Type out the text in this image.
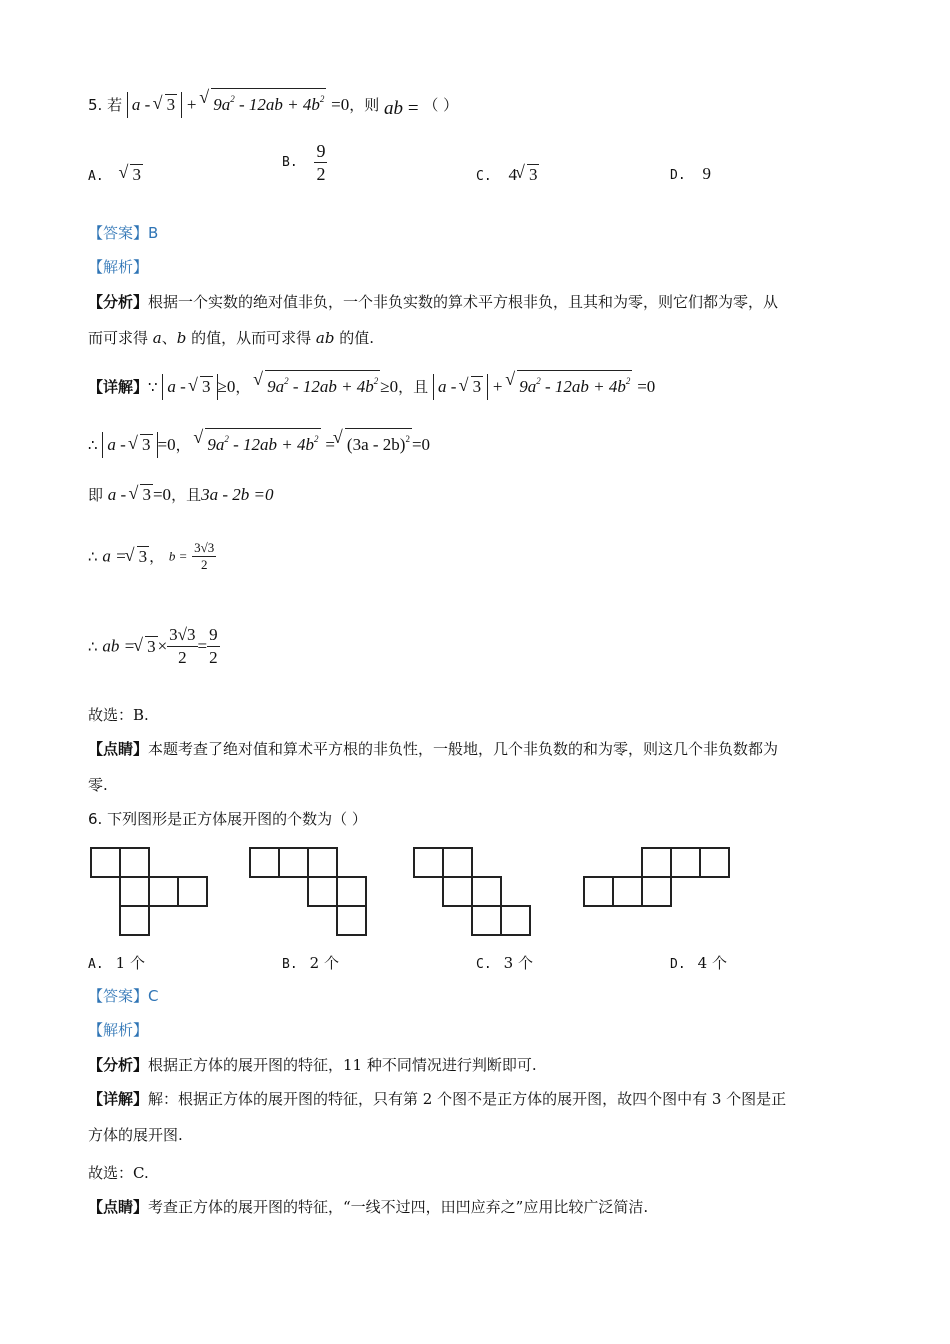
5. 若 a - √ 3 + √ $9a^2 - 12ab + 4b^2 =0$，则 ab = （ ）
A. √ 3
B. $\frac{9}{2}$	C. 4 √ 3	D. 9
【答案】B
【解析】
【分析】根据一个实数的绝对值非负，一个非负实数的算术平方根非负，且其和为零，则它们都为零，从
而可求得 a、b 的值，从而可求得 ab 的值.
【详解】∵ a - √ 3 ≥0， √ $9a^2 - 12ab + 4b^2 \ge 0$，且 a - √ 3 + √ $9a^2 - 12ab + 4b^2 =0$
∴ a - √ 3 =0， √ $9a^2 - 12ab + 4b^2$ = √ (3a - 2b)$^2$ =0
即 a - √ 3 =0，且3a - 2b =0
∴ a = √ 3 ， $b = \frac{3√3}{2}$
∴ ab = √ $3 \times \frac{3√3}{2} = \frac{9}{2}$
故选：B.
【点睛】本题考查了绝对值和算术平方根的非负性，一般地，几个非负数的和为零，则这几个非负数都为
零.
6. 下列图形是正方体展开图的个数为（ ）
A. 1 个	B. 2 个	C. 3 个	D. 4 个
【答案】C
【解析】
【分析】根据正方体的展开图的特征，11 种不同情况进行判断即可.
【详解】解：根据正方体的展开图的特征，只有第 2 个图不是正方体的展开图，故四个图中有 3 个图是正
方体的展开图.
故选：C.
【点睛】考查正方体的展开图的特征，“一线不过四，田凹应弃之”应用比较广泛简洁.
